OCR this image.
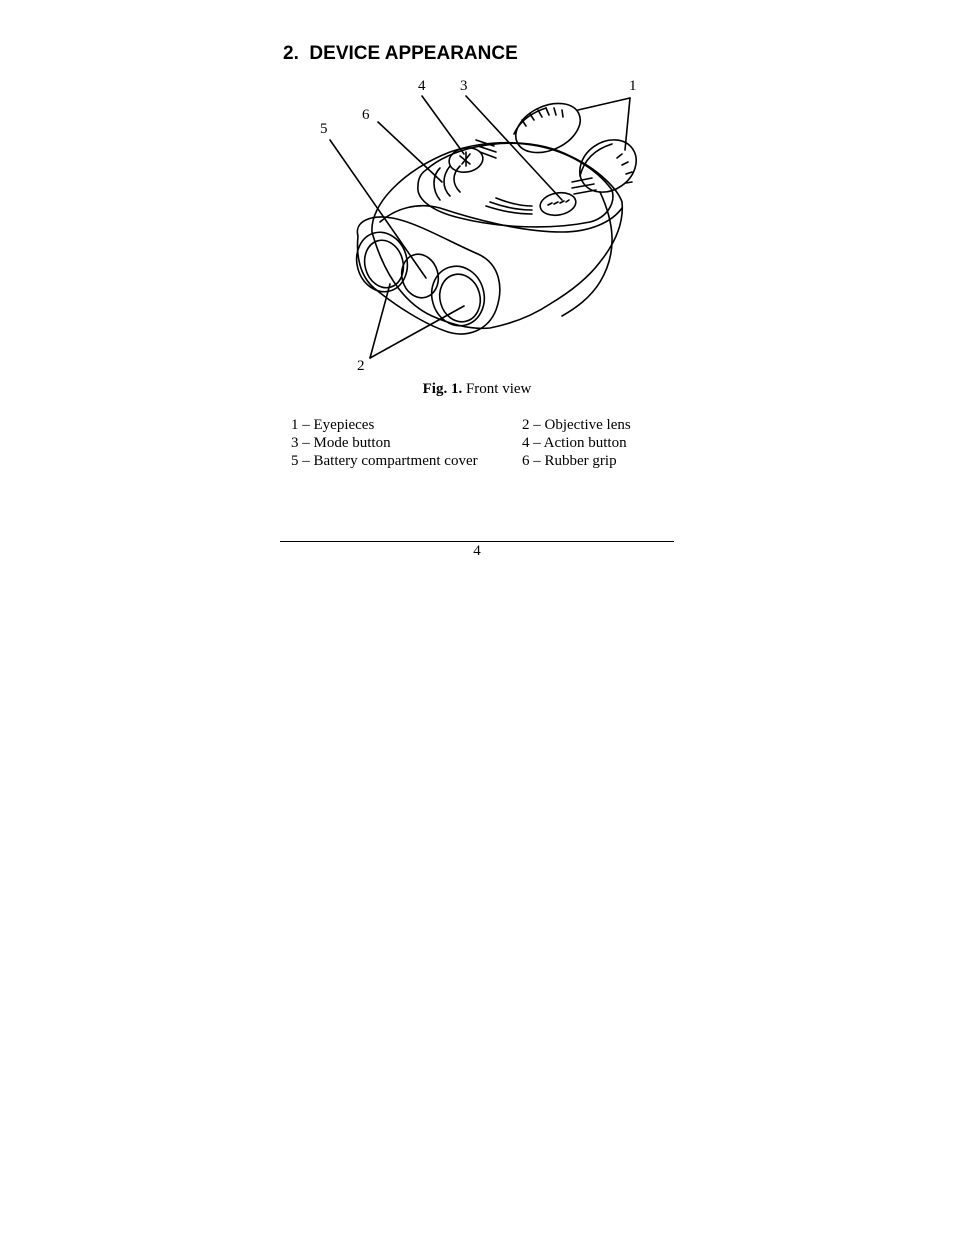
2. DEVICE APPEARANCE
1
2
3
4
5
6
Fig. 1. Front view
1 – Eyepieces	2 – Objective lens
3 – Mode button	4 – Action button
5 – Battery compartment cover	6 – Rubber grip
4
